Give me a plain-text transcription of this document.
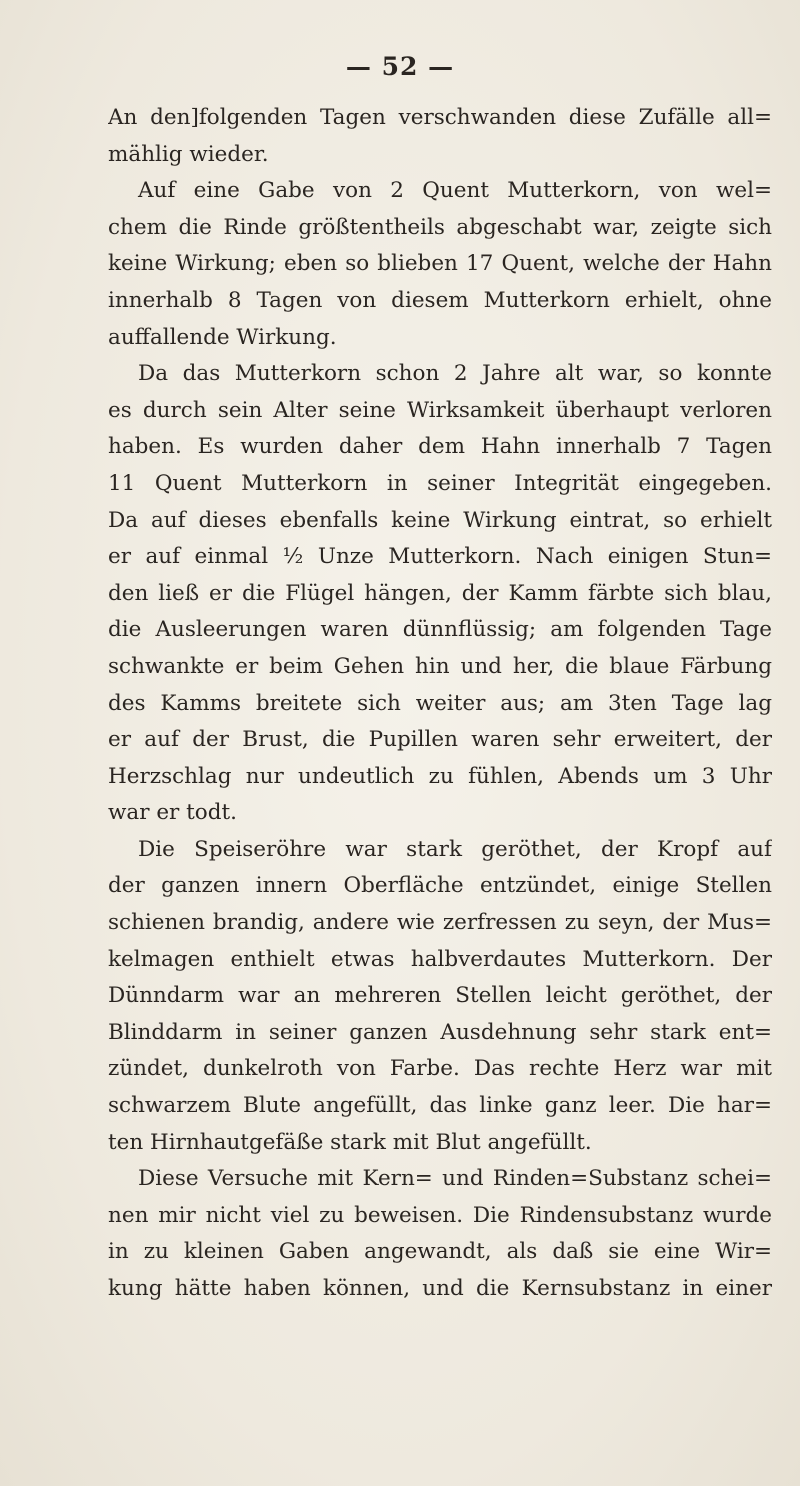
— 52 —
An den]folgenden Tagen verschwanden diese Zufälle all=
mählig wieder.
Auf eine Gabe von 2 Quent Mutterkorn, von wel=
chem die Rinde größtentheils abgeschabt war, zeigte sich
keine Wirkung; eben so blieben 17 Quent, welche der Hahn
innerhalb 8 Tagen von diesem Mutterkorn erhielt, ohne
auffallende Wirkung.
Da das Mutterkorn schon 2 Jahre alt war, so konnte
es durch sein Alter seine Wirksamkeit überhaupt verloren
haben. Es wurden daher dem Hahn innerhalb 7 Tagen
11 Quent Mutterkorn in seiner Integrität eingegeben.
Da auf dieses ebenfalls keine Wirkung eintrat, so erhielt
er auf einmal ½ Unze Mutterkorn. Nach einigen Stun=
den ließ er die Flügel hängen, der Kamm färbte sich blau,
die Ausleerungen waren dünnflüssig; am folgenden Tage
schwankte er beim Gehen hin und her, die blaue Färbung
des Kamms breitete sich weiter aus; am 3ten Tage lag
er auf der Brust, die Pupillen waren sehr erweitert, der
Herzschlag nur undeutlich zu fühlen, Abends um 3 Uhr
war er todt.
Die Speiseröhre war stark geröthet, der Kropf auf
der ganzen innern Oberfläche entzündet, einige Stellen
schienen brandig, andere wie zerfressen zu seyn, der Mus=
kelmagen enthielt etwas halbverdautes Mutterkorn. Der
Dünndarm war an mehreren Stellen leicht geröthet, der
Blinddarm in seiner ganzen Ausdehnung sehr stark ent=
zündet, dunkelroth von Farbe. Das rechte Herz war mit
schwarzem Blute angefüllt, das linke ganz leer. Die har=
ten Hirnhautgefäße stark mit Blut angefüllt.
Diese Versuche mit Kern= und Rinden=Substanz schei=
nen mir nicht viel zu beweisen. Die Rindensubstanz wurde
in zu kleinen Gaben angewandt, als daß sie eine Wir=
kung hätte haben können, und die Kernsubstanz in einer
